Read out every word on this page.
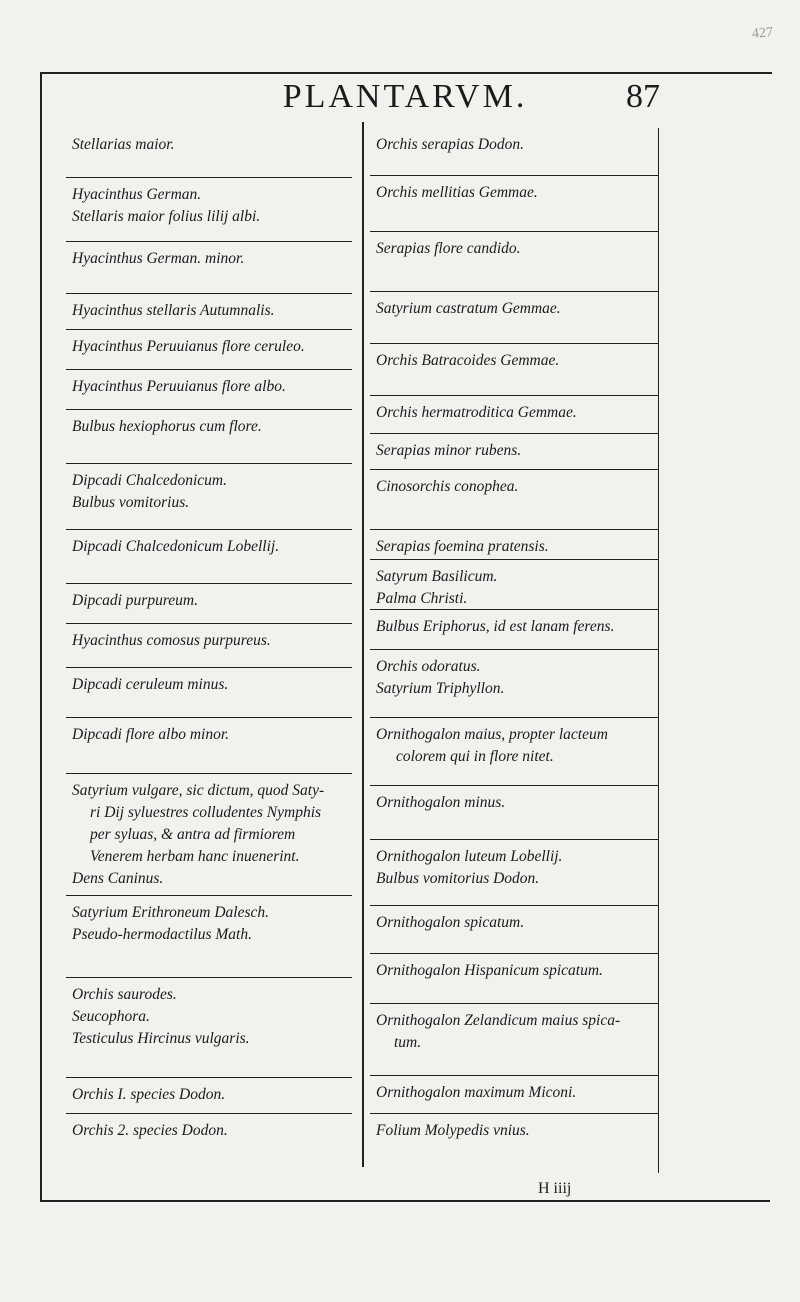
427
PLANTARVM.	87
Stellarias maior.
Hyacinthus German.
Stellaris maior folius lilij albi.
Hyacinthus German. minor.
Hyacinthus stellaris Autumnalis.
Hyacinthus Peruuianus flore ceruleo.
Hyacinthus Peruuianus flore albo.
Bulbus hexiophorus cum flore.
Dipcadi Chalcedonicum.
Bulbus vomitorius.
Dipcadi Chalcedonicum Lobellij.
Dipcadi purpureum.
Hyacinthus comosus purpureus.
Dipcadi ceruleum minus.
Dipcadi flore albo minor.
Satyrium vulgare, sic dictum, quod Saty-
ri Dij syluestres colludentes Nymphis
per syluas, & antra ad firmiorem
Venerem herbam hanc inuenerint.
Dens Caninus.
Satyrium Erithroneum Dalesch.
Pseudo-hermodactilus Math.
Orchis saurodes.
Seucophora.
Testiculus Hircinus vulgaris.
Orchis I. species Dodon.
Orchis 2. species Dodon.
Orchis serapias Dodon.
Orchis mellitias Gemmae.
Serapias flore candido.
Satyrium castratum Gemmae.
Orchis Batracoides Gemmae.
Orchis hermatroditica Gemmae.
Serapias minor rubens.
Cinosorchis conophea.
Serapias foemina pratensis.
Satyrum Basilicum.
Palma Christi.
Bulbus Eriphorus, id est lanam ferens.
Orchis odoratus.
Satyrium Triphyllon.
Ornithogalon maius, propter lacteum
colorem qui in flore nitet.
Ornithogalon minus.
Ornithogalon luteum Lobellij.
Bulbus vomitorius Dodon.
Ornithogalon spicatum.
Ornithogalon Hispanicum spicatum.
Ornithogalon Zelandicum maius spica-
tum.
Ornithogalon maximum Miconi.
Folium Molypedis vnius.
H iiij
